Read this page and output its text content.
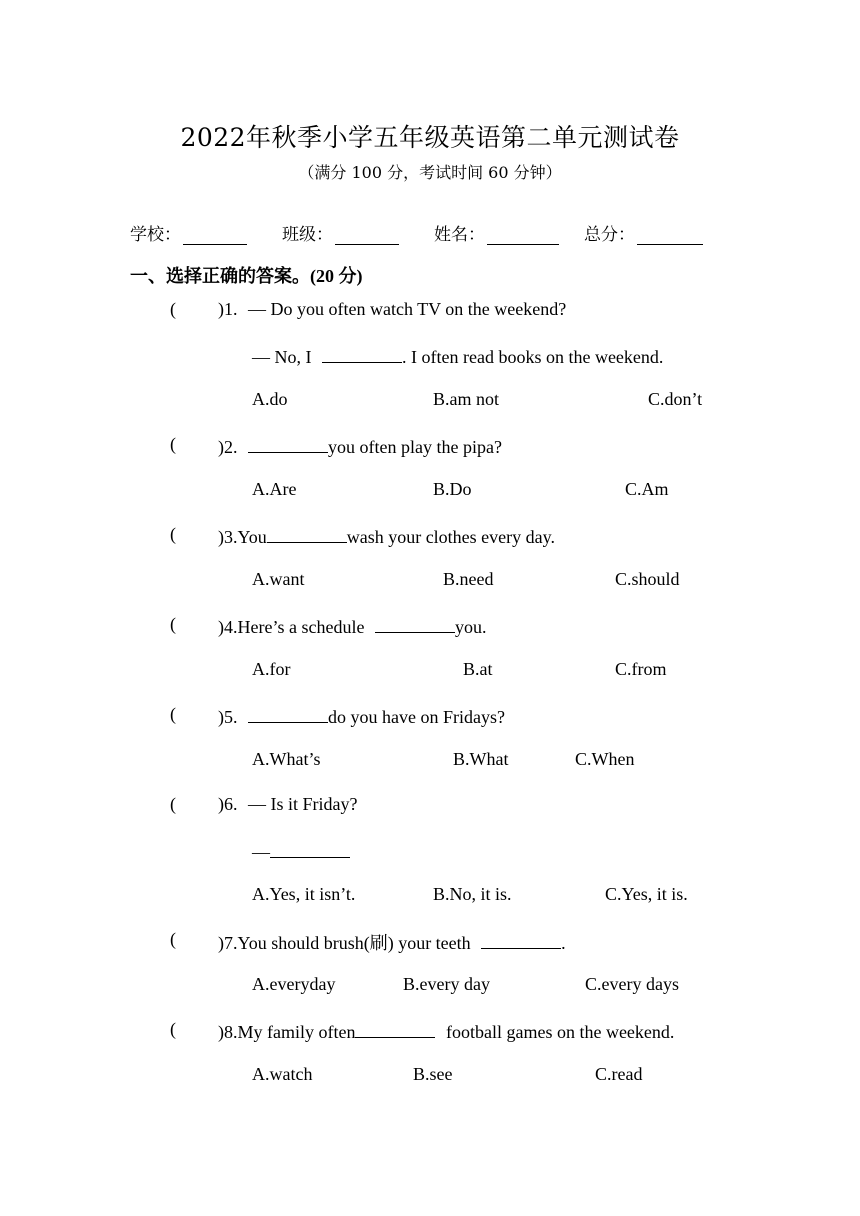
2022年秋季小学五年级英语第二单元测试卷
（满分 100 分，考试时间 60 分钟）
学校：	班级：	姓名：	总分：
一、选择正确的答案。(20 分)
( )1. — Do you often watch TV on the weekend?
— No, I	. I often read books on the weekend.
A.do	B.am not	C.don’t
( )2.	you often play the pipa?
A.Are	B.Do	C.Am
( )3.You	wash your clothes every day.
A.want	B.need	C.should
( )4.Here’s a schedule	you.
A.for	B.at	C.from
( )5.	do you have on Fridays?
A.What’s	B.What	C.When
( )6. — Is it Friday?
—
A.Yes, it isn’t.	B.No, it is.	C.Yes, it is.
( )7.You should brush(刷) your teeth	.
A.everyday	B.every day	C.every days
( )8.My family often	football games on the weekend.
A.watch	B.see	C.read
